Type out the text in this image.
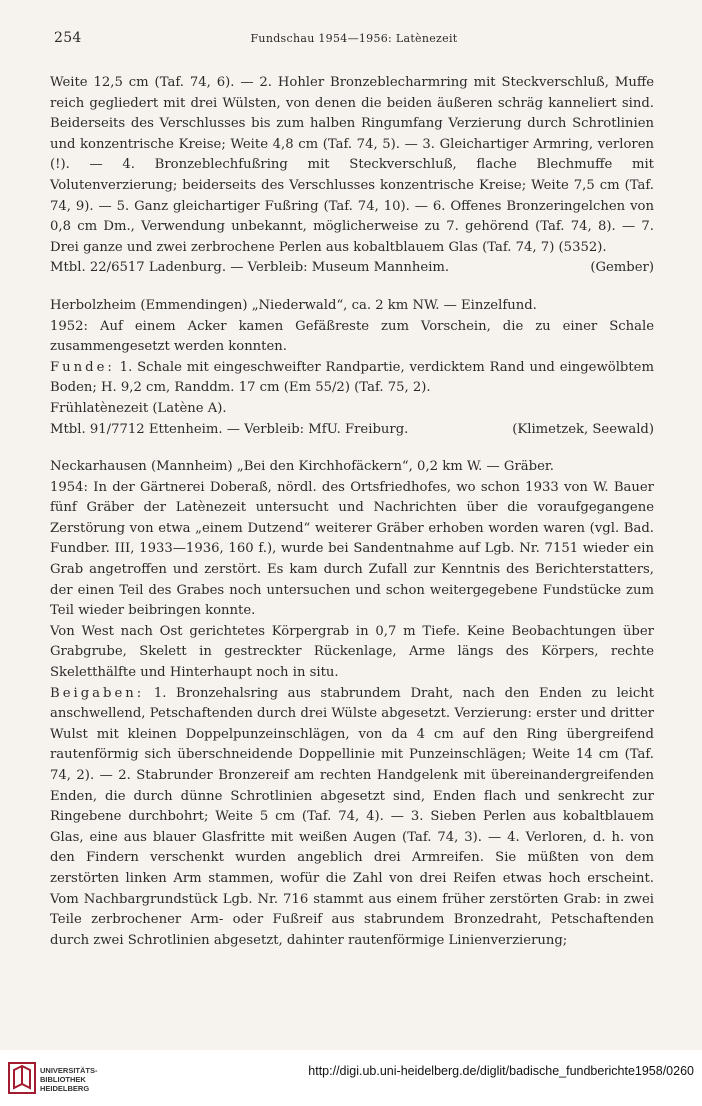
254	Fundschau 1954—1956: Latènezeit

Weite 12,5 cm (Taf. 74, 6). — 2. Hohler Bronzeblecharmring mit Steckverschluß, Muffe reich gegliedert mit drei Wülsten, von denen die beiden äußeren schräg kanneliert sind. Beiderseits des Verschlusses bis zum halben Ringumfang Verzierung durch Schrotlinien und konzentrische Kreise; Weite 4,8 cm (Taf. 74, 5). — 3. Gleichartiger Armring, verloren (!). — 4. Bronzeblechfußring mit Steckverschluß, flache Blechmuffe mit Volutenverzierung; beiderseits des Verschlusses konzentrische Kreise; Weite 7,5 cm (Taf. 74, 9). — 5. Ganz gleichartiger Fußring (Taf. 74, 10). — 6. Offenes Bronzeringelchen von 0,8 cm Dm., Verwendung unbekannt, möglicherweise zu 7. gehörend (Taf. 74, 8). — 7. Drei ganze und zwei zerbrochene Perlen aus kobaltblauem Glas (Taf. 74, 7) (5352).

Mtbl. 22/6517 Ladenburg. — Verbleib: Museum Mannheim.	(Gember)

Herbolzheim (Emmendingen) „Niederwald“, ca. 2 km NW. — Einzelfund.

1952: Auf einem Acker kamen Gefäßreste zum Vorschein, die zu einer Schale zusammengesetzt werden konnten.

Funde: 1. Schale mit eingeschweifter Randpartie, verdicktem Rand und eingewölbtem Boden; H. 9,2 cm, Randdm. 17 cm (Em 55/2) (Taf. 75, 2).

Frühlatènezeit (Latène A).

Mtbl. 91/7712 Ettenheim. — Verbleib: MfU. Freiburg.	(Klimetzek, Seewald)

Neckarhausen (Mannheim) „Bei den Kirchhofäckern“, 0,2 km W. — Gräber.

1954: In der Gärtnerei Doberaß, nördl. des Ortsfriedhofes, wo schon 1933 von W. Bauer fünf Gräber der Latènezeit untersucht und Nachrichten über die voraufgegangene Zerstörung von etwa „einem Dutzend“ weiterer Gräber erhoben worden waren (vgl. Bad. Fundber. III, 1933—1936, 160 f.), wurde bei Sandentnahme auf Lgb. Nr. 7151 wieder ein Grab angetroffen und zerstört. Es kam durch Zufall zur Kenntnis des Berichterstatters, der einen Teil des Grabes noch untersuchen und schon weitergegebene Fundstücke zum Teil wieder beibringen konnte.

Von West nach Ost gerichtetes Körpergrab in 0,7 m Tiefe. Keine Beobachtungen über Grabgrube, Skelett in gestreckter Rückenlage, Arme längs des Körpers, rechte Skeletthälfte und Hinterhaupt noch in situ.

Beigaben: 1. Bronzehalsring aus stabrundem Draht, nach den Enden zu leicht anschwellend, Petschaftenden durch drei Wülste abgesetzt. Verzierung: erster und dritter Wulst mit kleinen Doppelpunzeinschlägen, von da 4 cm auf den Ring übergreifend rautenförmig sich überschneidende Doppellinie mit Punzeinschlägen; Weite 14 cm (Taf. 74, 2). — 2. Stabrunder Bronzereif am rechten Handgelenk mit übereinandergreifenden Enden, die durch dünne Schrotlinien abgesetzt sind, Enden flach und senkrecht zur Ringebene durchbohrt; Weite 5 cm (Taf. 74, 4). — 3. Sieben Perlen aus kobaltblauem Glas, eine aus blauer Glasfritte mit weißen Augen (Taf. 74, 3). — 4. Verloren, d. h. von den Findern verschenkt wurden angeblich drei Armreifen. Sie müßten von dem zerstörten linken Arm stammen, wofür die Zahl von drei Reifen etwas hoch erscheint. Vom Nachbargrundstück Lgb. Nr. 716 stammt aus einem früher zerstörten Grab: in zwei Teile zerbrochener Arm- oder Fußreif aus stabrundem Bronzedraht, Petschaftenden durch zwei Schrotlinien abgesetzt, dahinter rautenförmige Linienverzierung;

UNIVERSITÄTS-
BIBLIOTHEK
HEIDELBERG
http://digi.ub.uni-heidelberg.de/diglit/badische_fundberichte1958/0260
